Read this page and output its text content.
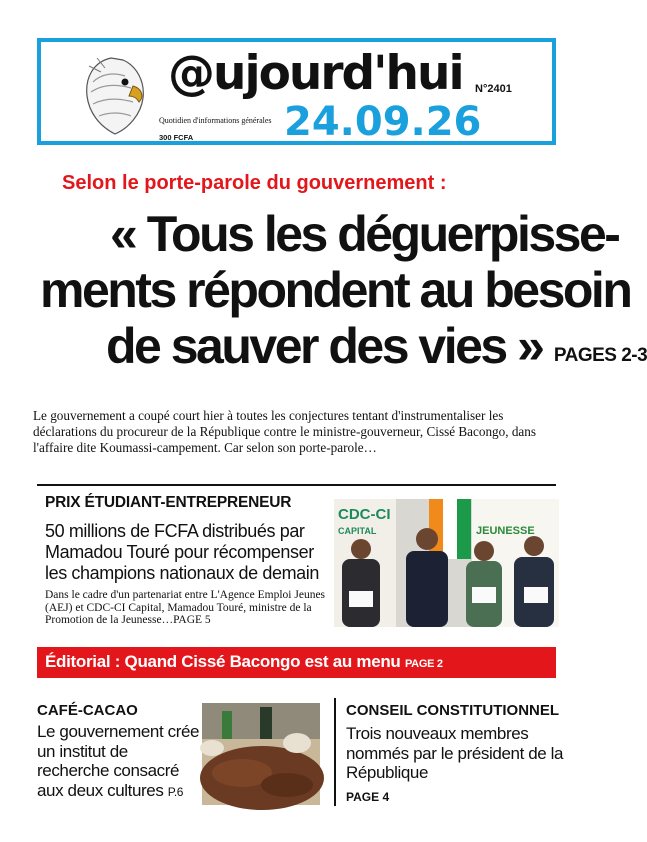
@ujourd'hui N°2401
Quotidien d'informations générales
300 FCFA 24.09.26
Selon le porte-parole du gouvernement :
« Tous les déguerpisse-
ments répondent au besoin
de sauver des vies » PAGES 2-3
Le gouvernement a coupé court hier à toutes les conjectures tentant d'instrumentaliser les déclarations du procureur de la République contre le ministre-gouverneur, Cissé Bacongo, dans l'affaire dite Koumassi-campement. Car selon son porte-parole…
PRIX ÉTUDIANT-ENTREPRENEUR
50 millions de FCFA distribués par Mamadou Touré pour récompenser les champions nationaux de demain
Dans le cadre d'un partenariat entre L'Agence Emploi Jeunes (AEJ) et CDC-CI Capital, Mamadou Touré, ministre de la Promotion de la Jeunesse…PAGE 5
CDC-CI
CAPITAL	JEUNESSE
Éditorial : Quand Cissé Bacongo est au menu PAGE 2
CAFÉ-CACAO
Le gouvernement crée un institut de recherche consacré aux deux cultures P.6
CONSEIL CONSTITUTIONNEL
Trois nouveaux membres nommés par le président de la République
PAGE 4
